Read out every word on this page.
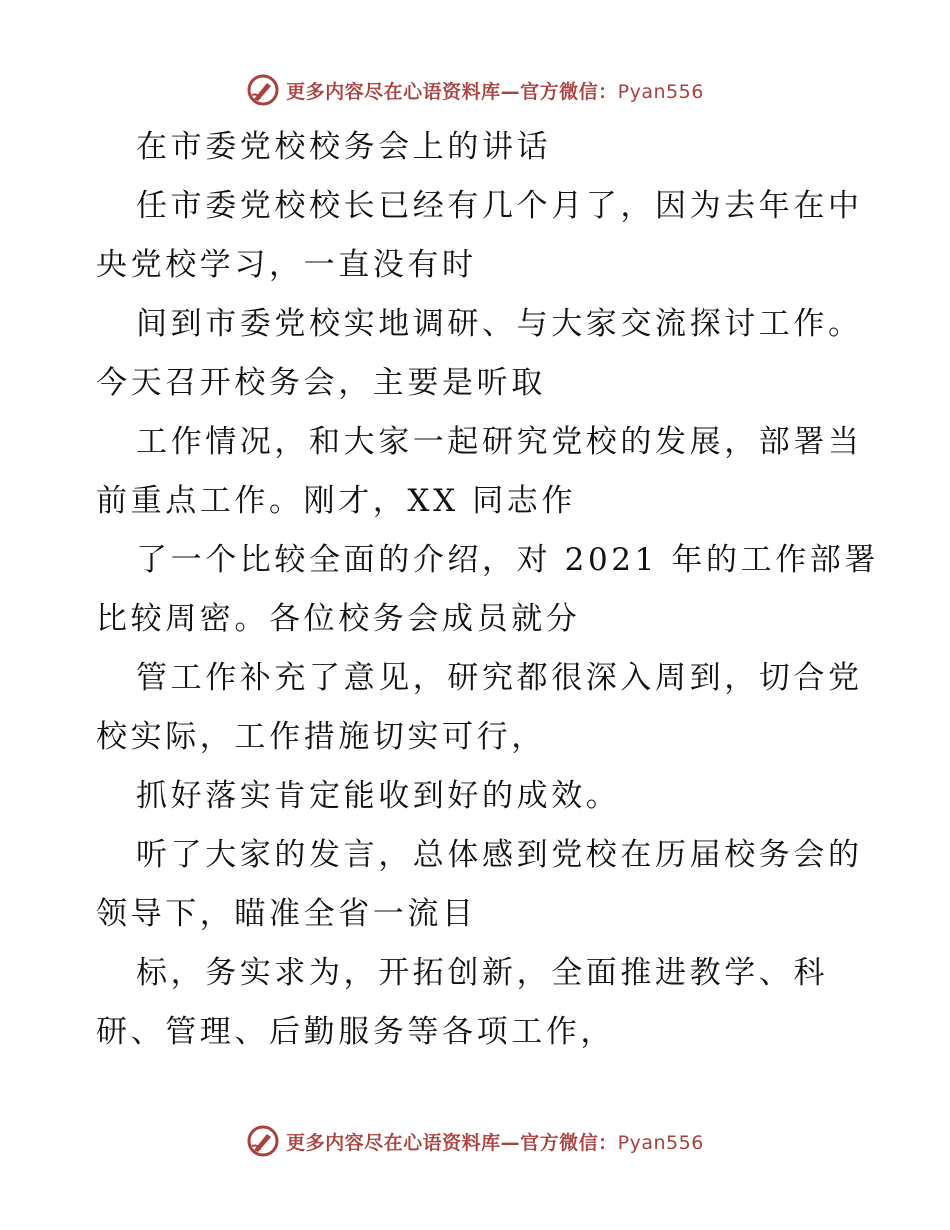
更多内容尽在心语资料库—官方微信：Pyan556
在市委党校校务会上的讲话
任市委党校校长已经有几个月了，因为去年在中
央党校学习，一直没有时
间到市委党校实地调研、与大家交流探讨工作。
今天召开校务会，主要是听取
工作情况，和大家一起研究党校的发展，部署当
前重点工作。刚才，XX 同志作
了一个比较全面的介绍，对 2021 年的工作部署
比较周密。各位校务会成员就分
管工作补充了意见，研究都很深入周到，切合党
校实际，工作措施切实可行，
抓好落实肯定能收到好的成效。
听了大家的发言，总体感到党校在历届校务会的
领导下，瞄准全省一流目
标，务实求为，开拓创新，全面推进教学、科
研、管理、后勤服务等各项工作，
更多内容尽在心语资料库—官方微信：Pyan556
